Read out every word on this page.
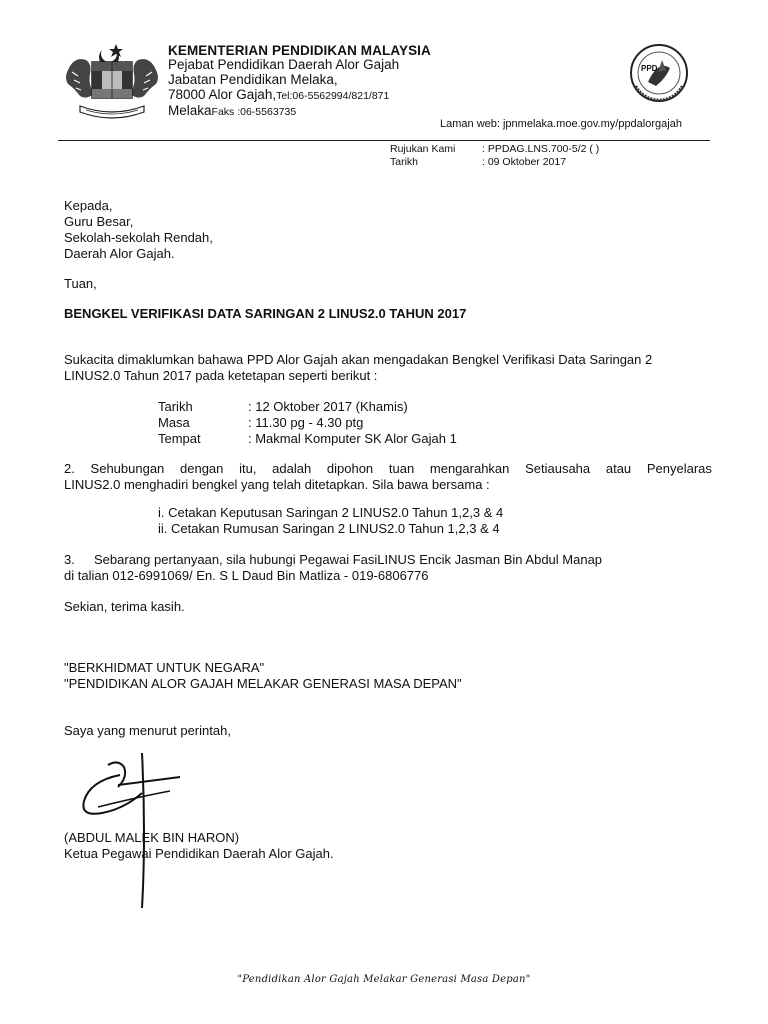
KEMENTERIAN PENDIDIKAN MALAYSIA
Pejabat Pendidikan Daerah Alor Gajah
Jabatan Pendidikan Melaka,
78000 Alor Gajah,Tel:06-5562994/821/871
MelakaFaks :06-5563735
PPD
Laman web: jpnmelaka.moe.gov.my/ppdalorgajah
Rujukan Kami	: PPDAG.LNS.700-5/2 ( )
Tarikh	: 09 Oktober 2017
Kepada,
Guru Besar,
Sekolah-sekolah Rendah,
Daerah Alor Gajah.
Tuan,
BENGKEL VERIFIKASI DATA SARINGAN 2 LINUS2.0 TAHUN 2017
Sukacita dimaklumkan bahawa PPD Alor Gajah akan mengadakan Bengkel Verifikasi Data Saringan 2
LINUS2.0 Tahun 2017 pada ketetapan seperti berikut :
Tarikh	: 12 Oktober 2017 (Khamis)
Masa	: 11.30 pg - 4.30 ptg
Tempat	: Makmal Komputer SK Alor Gajah 1
2. Sehubungan dengan itu, adalah dipohon tuan mengarahkan Setiausaha atau Penyelaras
LINUS2.0 menghadiri bengkel yang telah ditetapkan. Sila bawa bersama :
i. Cetakan Keputusan Saringan 2 LINUS2.0 Tahun 1,2,3 & 4
ii. Cetakan Rumusan Saringan 2 LINUS2.0 Tahun 1,2,3 & 4
3. Sebarang pertanyaan, sila hubungi Pegawai FasiLINUS Encik Jasman Bin Abdul Manap
di talian 012-6991069/ En. S L Daud Bin Matliza - 019-6806776
Sekian, terima kasih.
"BERKHIDMAT UNTUK NEGARA"
"PENDIDIKAN ALOR GAJAH MELAKAR GENERASI MASA DEPAN"
Saya yang menurut perintah,
(ABDUL MALEK BIN HARON)
Ketua Pegawai Pendidikan Daerah Alor Gajah.
"Pendidikan Alor Gajah Melakar Generasi Masa Depan"
